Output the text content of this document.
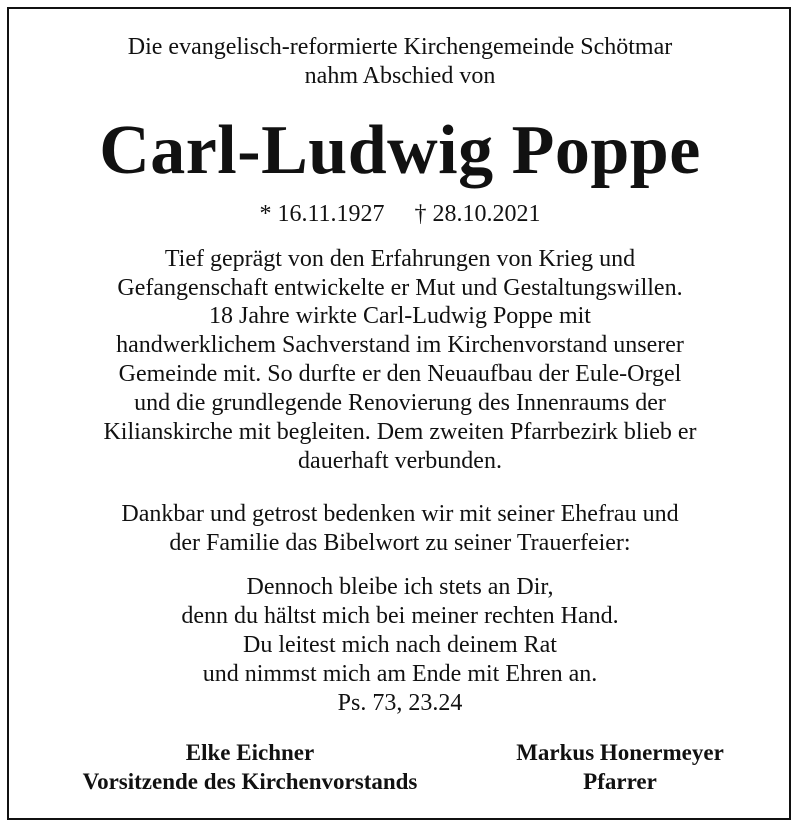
Die evangelisch-reformierte Kirchengemeinde Schötmar
nahm Abschied von
Carl-Ludwig Poppe
* 16.11.1927 † 28.10.2021
Tief geprägt von den Erfahrungen von Krieg und
Gefangenschaft entwickelte er Mut und Gestaltungswillen.
18 Jahre wirkte Carl-Ludwig Poppe mit
handwerklichem Sachverstand im Kirchenvorstand unserer
Gemeinde mit. So durfte er den Neuaufbau der Eule-Orgel
und die grundlegende Renovierung des Innenraums der
Kilianskirche mit begleiten. Dem zweiten Pfarrbezirk blieb er
dauerhaft verbunden.
Dankbar und getrost bedenken wir mit seiner Ehefrau und
der Familie das Bibelwort zu seiner Trauerfeier:
Dennoch bleibe ich stets an Dir,
denn du hältst mich bei meiner rechten Hand.
Du leitest mich nach deinem Rat
und nimmst mich am Ende mit Ehren an.
Ps. 73, 23.24
Elke Eichner
Vorsitzende des Kirchenvorstands
Markus Honermeyer
Pfarrer
